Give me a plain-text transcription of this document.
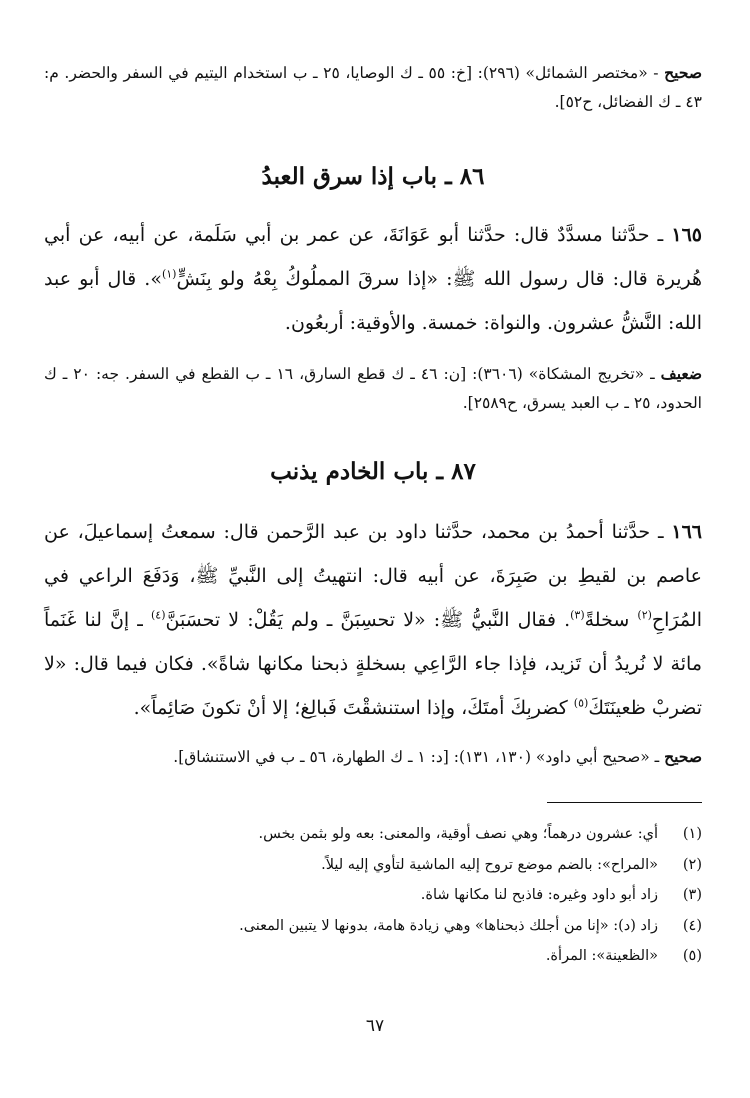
صحيح - «مختصر الشمائل» (٢٩٦): [خ: ٥٥ ـ ك الوصايا، ٢٥ ـ ب استخدام اليتيم في السفر والحضر. م: ٤٣ ـ ك الفضائل، ح٥٢].

٨٦ ـ باب إذا سرق العبدُ

١٦٥ ـ حدَّثنا مسدَّدٌ قال: حدَّثنا أبو عَوَانَةَ، عن عمر بن أبي سَلَمة، عن أبيه، عن أبي هُريرة قال: قال رسول الله ﷺ: «إذا سرقَ المملُوكُ بِعْهُ ولو بِنَشٍّ$^{(١)}$». قال أبو عبد الله: النَّشُّ عشرون. والنواة: خمسة. والأوقية: أربعُون.

ضعيف ـ «تخريج المشكاة» (٣٦٠٦): [ن: ٤٦ ـ ك قطع السارق، ١٦ ـ ب القطع في السفر. جه: ٢٠ ـ ك الحدود، ٢٥ ـ ب العبد يسرق، ح٢٥٨٩].

٨٧ ـ باب الخادم يذنب

١٦٦ ـ حدَّثنا أحمدُ بن محمد، حدَّثنا داود بن عبد الرَّحمن قال: سمعتُ إسماعيلَ، عن عاصم بن لقيطِ بن صَبِرَةَ، عن أبيه قال: انتهيتُ إلى النَّبيِّ ﷺ، وَدَفَعَ الراعي في المُرَاحِ$^{(٢)}$ سخلةً$^{(٣)}$. فقال النَّبيُّ ﷺ: «لا تحسِبَنَّ ـ ولم يَقُلْ: لا تحسَبَنَّ$^{(٤)}$ ـ إنَّ لنا غَنَماً مائة لا نُريدُ أن تَزيد، فإذا جاء الرَّاعِي بسخلةٍ ذبحنا مكانها شاةً». فكان فيما قال: «لا تضربْ ظعينَتَكَ$^{(٥)}$ كضربِكَ أمتَكَ، وإذا استنشقْتَ فَبالِغ؛ إلا أنْ تكونَ صَائِماً».

صحيح ـ «صحيح أبي داود» (١٣٠، ١٣١): [د: ١ ـ ك الطهارة، ٥٦ ـ ب في الاستنشاق].

(١)
أي: عشرون درهماً؛ وهي نصف أوقية، والمعنى: بعه ولو بثمن بخس.
(٢)
«المراح»: بالضم موضع تروح إليه الماشية لتأوي إليه ليلاً.
(٣)
زاد أبو داود وغيره: فاذبح لنا مكانها شاة.
(٤)
زاد (د): «إنا من أجلك ذبحناها» وهي زيادة هامة، بدونها لا يتبين المعنى.
(٥)
«الظعينة»: المرأة.
٦٧
